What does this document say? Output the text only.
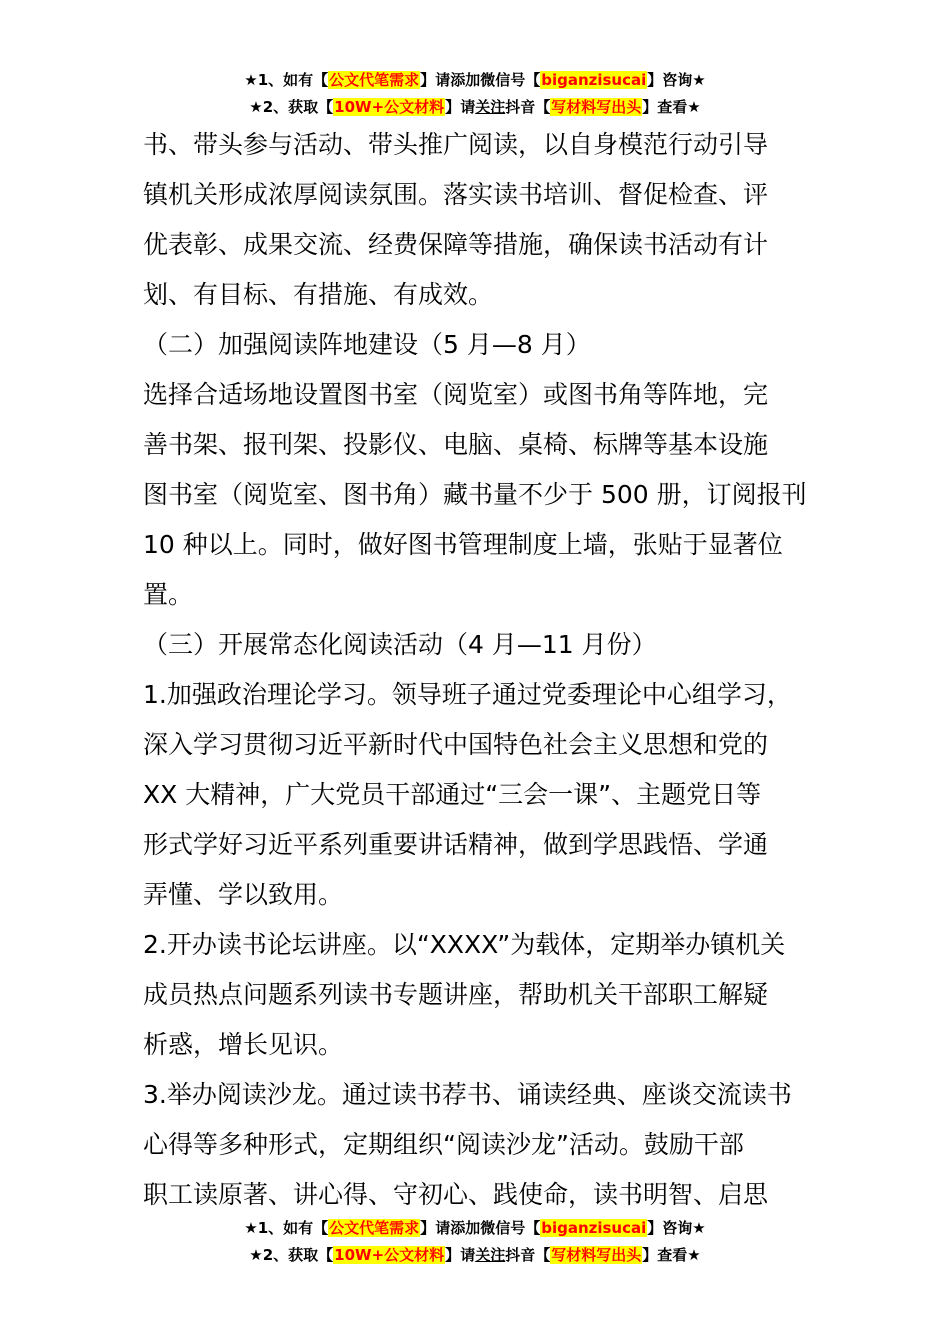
★1、如有【公文代笔需求】请添加微信号【biganzisucai】咨询★
★2、获取【10W+公文材料】请关注抖音【写材料写出头】查看★

书、带头参与活动、带头推广阅读，以自身模范行动引导

镇机关形成浓厚阅读氛围。落实读书培训、督促检查、评

优表彰、成果交流、经费保障等措施，确保读书活动有计

划、有目标、有措施、有成效。

（二）加强阅读阵地建设（5 月—8 月）

选择合适场地设置图书室（阅览室）或图书角等阵地，完

善书架、报刊架、投影仪、电脑、桌椅、标牌等基本设施

图书室（阅览室、图书角）藏书量不少于 500 册，订阅报刊

10 种以上。同时，做好图书管理制度上墙，张贴于显著位

置。

（三）开展常态化阅读活动（4 月—11 月份）

1.加强政治理论学习。领导班子通过党委理论中心组学习，

深入学习贯彻习近平新时代中国特色社会主义思想和党的

XX 大精神，广大党员干部通过“三会一课”、主题党日等

形式学好习近平系列重要讲话精神，做到学思践悟、学通

弄懂、学以致用。

2.开办读书论坛讲座。以“XXXX”为载体，定期举办镇机关

成员热点问题系列读书专题讲座，帮助机关干部职工解疑

析惑，增长见识。

3.举办阅读沙龙。通过读书荐书、诵读经典、座谈交流读书

心得等多种形式，定期组织“阅读沙龙”活动。鼓励干部

职工读原著、讲心得、守初心、践使命，读书明智、启思

★1、如有【公文代笔需求】请添加微信号【biganzisucai】咨询★
★2、获取【10W+公文材料】请关注抖音【写材料写出头】查看★
